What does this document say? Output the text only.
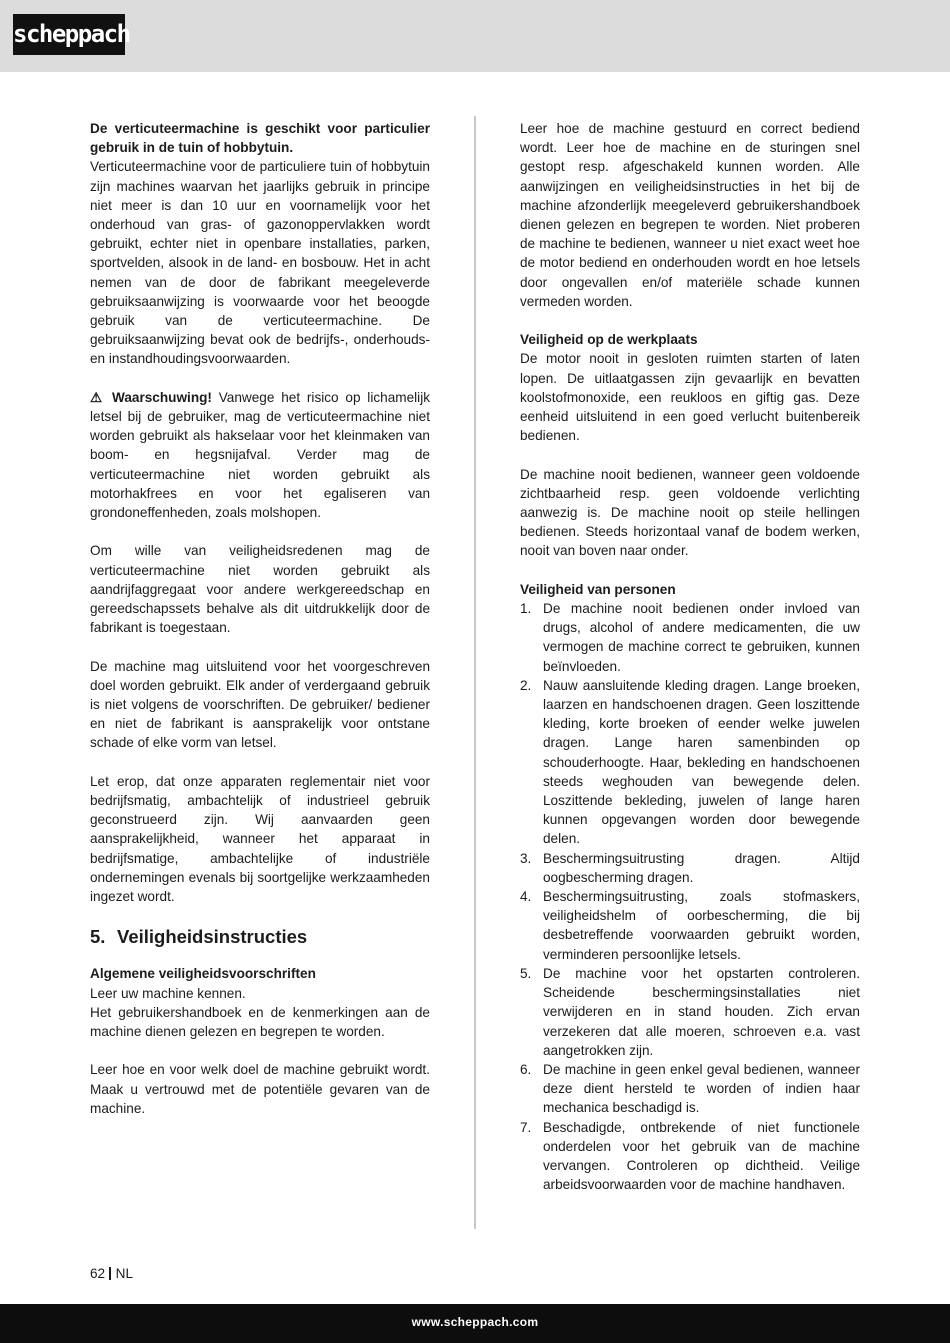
scheppach

De verticuteermachine is geschikt voor particulier gebruik in de tuin of hobbytuin.

Verticuteermachine voor de particuliere tuin of hobbytuin zijn machines waarvan het jaarlijks gebruik in principe niet meer is dan 10 uur en voornamelijk voor het onderhoud van gras- of gazonoppervlakken wordt gebruikt, echter niet in openbare installaties, parken, sportvelden, alsook in de land- en bosbouw. Het in acht nemen van de door de fabrikant meegeleverde gebruiksaanwijzing is voorwaarde voor het beoogde gebruik van de verticuteermachine. De gebruiksaanwijzing bevat ook de bedrijfs-, onderhouds- en instandhoudingsvoorwaarden.

⚠ Waarschuwing! Vanwege het risico op lichamelijk letsel bij de gebruiker, mag de verticuteermachine niet worden gebruikt als hakselaar voor het kleinmaken van boom- en hegsnijafval. Verder mag de verticuteermachine niet worden gebruikt als motorhakfrees en voor het egaliseren van grondoneffenheden, zoals molshopen.

Om wille van veiligheidsredenen mag de verticuteermachine niet worden gebruikt als aandrijfaggregaat voor andere werkgereedschap en gereedschapssets behalve als dit uitdrukkelijk door de fabrikant is toegestaan.

De machine mag uitsluitend voor het voorgeschreven doel worden gebruikt. Elk ander of verdergaand gebruik is niet volgens de voorschriften. De gebruiker/ bediener en niet de fabrikant is aansprakelijk voor ontstane schade of elke vorm van letsel.

Let erop, dat onze apparaten reglementair niet voor bedrijfsmatig, ambachtelijk of industrieel gebruik geconstrueerd zijn. Wij aanvaarden geen aansprakelijkheid, wanneer het apparaat in bedrijfsmatige, ambachtelijke of industriële ondernemingen evenals bij soortgelijke werkzaamheden ingezet wordt.

5. Veiligheidsinstructies

Algemene veiligheidsvoorschriften

Leer uw machine kennen.

Het gebruikershandboek en de kenmerkingen aan de machine dienen gelezen en begrepen te worden.

Leer hoe en voor welk doel de machine gebruikt wordt. Maak u vertrouwd met de potentiële gevaren van de machine.

Leer hoe de machine gestuurd en correct bediend wordt. Leer hoe de machine en de sturingen snel gestopt resp. afgeschakeld kunnen worden. Alle aanwijzingen en veiligheidsinstructies in het bij de machine afzonderlijk meegeleverd gebruikershandboek dienen gelezen en begrepen te worden. Niet proberen de machine te bedienen, wanneer u niet exact weet hoe de motor bediend en onderhouden wordt en hoe letsels door ongevallen en/of materiële schade kunnen vermeden worden.

Veiligheid op de werkplaats

De motor nooit in gesloten ruimten starten of laten lopen. De uitlaatgassen zijn gevaarlijk en bevatten koolstofmonoxide, een reukloos en giftig gas. Deze eenheid uitsluitend in een goed verlucht buitenbereik bedienen.

De machine nooit bedienen, wanneer geen voldoende zichtbaarheid resp. geen voldoende verlichting aanwezig is. De machine nooit op steile hellingen bedienen. Steeds horizontaal vanaf de bodem werken, nooit van boven naar onder.

Veiligheid van personen

1. De machine nooit bedienen onder invloed van drugs, alcohol of andere medicamenten, die uw vermogen de machine correct te gebruiken, kunnen beïnvloeden.
2. Nauw aansluitende kleding dragen. Lange broeken, laarzen en handschoenen dragen. Geen loszittende kleding, korte broeken of eender welke juwelen dragen. Lange haren samenbinden op schouderhoogte. Haar, bekleding en handschoenen steeds weghouden van bewegende delen. Loszittende bekleding, juwelen of lange haren kunnen opgevangen worden door bewegende delen.
3. Beschermingsuitrusting dragen. Altijd oogbescherming dragen.
4. Beschermingsuitrusting, zoals stofmaskers, veiligheidshelm of oorbescherming, die bij desbetreffende voorwaarden gebruikt worden, verminderen persoonlijke letsels.
5. De machine voor het opstarten controleren. Scheidende beschermingsinstallaties niet verwijderen en in stand houden. Zich ervan verzekeren dat alle moeren, schroeven e.a. vast aangetrokken zijn.
6. De machine in geen enkel geval bedienen, wanneer deze dient hersteld te worden of indien haar mechanica beschadigd is.
7. Beschadigde, ontbrekende of niet functionele onderdelen voor het gebruik van de machine vervangen. Controleren op dichtheid. Veilige arbeidsvoorwaarden voor de machine handhaven.
62 NL
www.scheppach.com
